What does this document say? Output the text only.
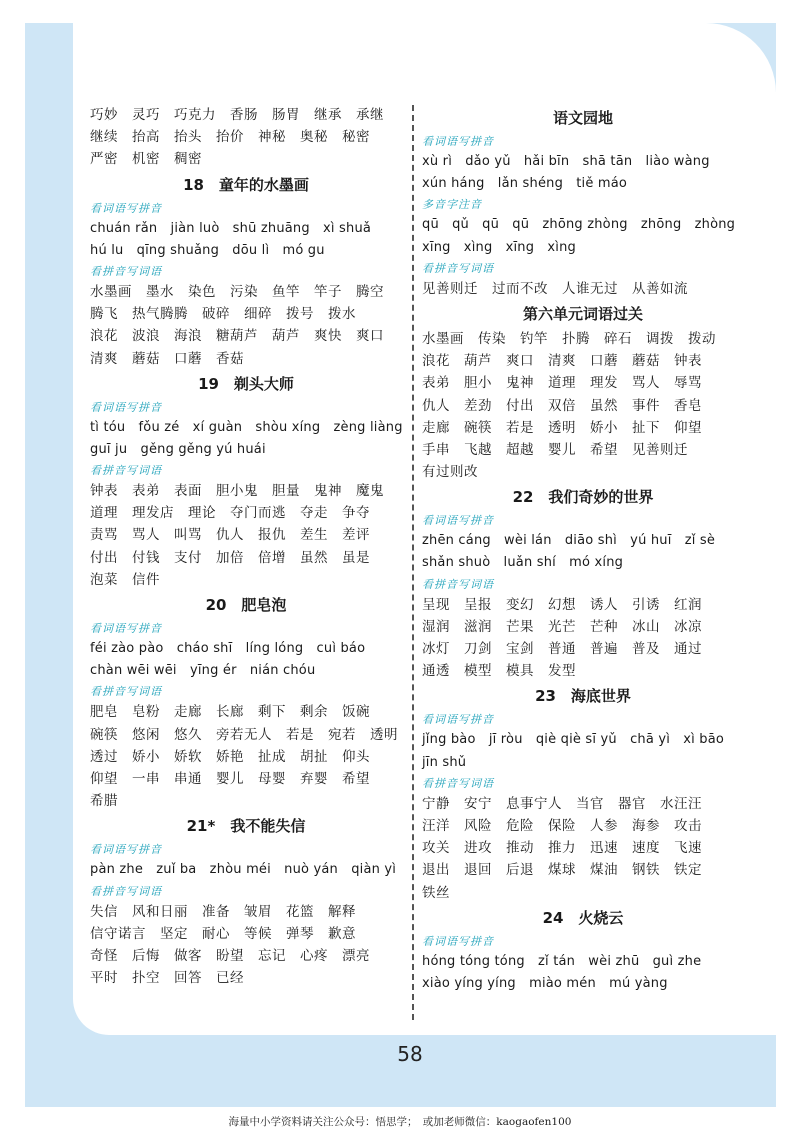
巧妙　灵巧　巧克力　香肠　肠胃　继承　承继
继续　抬高　抬头　抬价　神秘　奥秘　秘密
严密　机密　稠密
18　童年的水墨画
看词语写拼音
chuán rǎn　jiàn luò　shū zhuāng　xì shuǎ
hú lu　qīng shuǎng　dōu lì　mó gu
看拼音写词语
水墨画　墨水　染色　污染　鱼竿　竿子　腾空
腾飞　热气腾腾　破碎　细碎　拨号　拨水
浪花　波浪　海浪　糖葫芦　葫芦　爽快　爽口
清爽　蘑菇　口蘑　香菇
19　剃头大师
看词语写拼音
tì tóu　fǒu zé　xí guàn　shòu xíng　zèng liàng
guī ju　gěng gěng yú huái
看拼音写词语
钟表　表弟　表面　胆小鬼　胆量　鬼神　魔鬼
道理　理发店　理论　夺门而逃　夺走　争夺
责骂　骂人　叫骂　仇人　报仇　差生　差评
付出　付钱　支付　加倍　倍增　虽然　虽是
泡菜　信件
20　肥皂泡
看词语写拼音
féi zào pào　cháo shī　líng lóng　cuì báo
chàn wēi wēi　yīng ér　nián chóu
看拼音写词语
肥皂　皂粉　走廊　长廊　剩下　剩余　饭碗
碗筷　悠闲　悠久　旁若无人　若是　宛若　透明
透过　娇小　娇软　娇艳　扯成　胡扯　仰头
仰望　一串　串通　婴儿　母婴　弃婴　希望
希腊
21*　我不能失信
看词语写拼音
pàn zhe　zuǐ ba　zhòu méi　nuò yán　qiàn yì
看拼音写词语
失信　风和日丽　准备　皱眉　花篮　解释
信守诺言　坚定　耐心　等候　弹琴　歉意
奇怪　后悔　做客　盼望　忘记　心疼　漂亮
平时　扑空　回答　已经
语文园地
看词语写拼音
xù rì　dǎo yǔ　hǎi bīn　shā tān　liào wàng
xún háng　lǎn shéng　tiě máo
多音字注音
qū　qǔ　qū　qū　zhōng zhòng　zhōng　zhòng
xīng　xìng　xīng　xìng
看拼音写词语
见善则迁　过而不改　人谁无过　从善如流
第六单元词语过关
水墨画　传染　钓竿　扑腾　碎石　调拨　拨动
浪花　葫芦　爽口　清爽　口蘑　蘑菇　钟表
表弟　胆小　鬼神　道理　理发　骂人　辱骂
仇人　差劲　付出　双倍　虽然　事件　香皂
走廊　碗筷　若是　透明　娇小　扯下　仰望
手串　飞越　超越　婴儿　希望　见善则迁
有过则改
22　我们奇妙的世界
看词语写拼音
zhēn cáng　wèi lán　diāo shì　yú huī　zǐ sè
shǎn shuò　luǎn shí　mó xíng
看拼音写词语
呈现　呈报　变幻　幻想　诱人　引诱　红润
湿润　滋润　芒果　光芒　芒种　冰山　冰凉
冰灯　刀剑　宝剑　普通　普遍　普及　通过
通透　模型　模具　发型
23　海底世界
看词语写拼音
jǐng bào　jī ròu　qiè qiè sī yǔ　chā yì　xì bāo
jīn shǔ
看拼音写词语
宁静　安宁　息事宁人　当官　器官　水汪汪
汪洋　风险　危险　保险　人参　海参　攻击
攻关　进攻　推动　推力　迅速　速度　飞速
退出　退回　后退　煤球　煤油　钢铁　铁定
铁丝
24　火烧云
看词语写拼音
hóng tóng tóng　zǐ tán　wèi zhū　guì zhe
xiào yíng yíng　miào mén　mú yàng
58
海量中小学资料请关注公众号：悟思学；　或加老师微信：kaogaofen100
